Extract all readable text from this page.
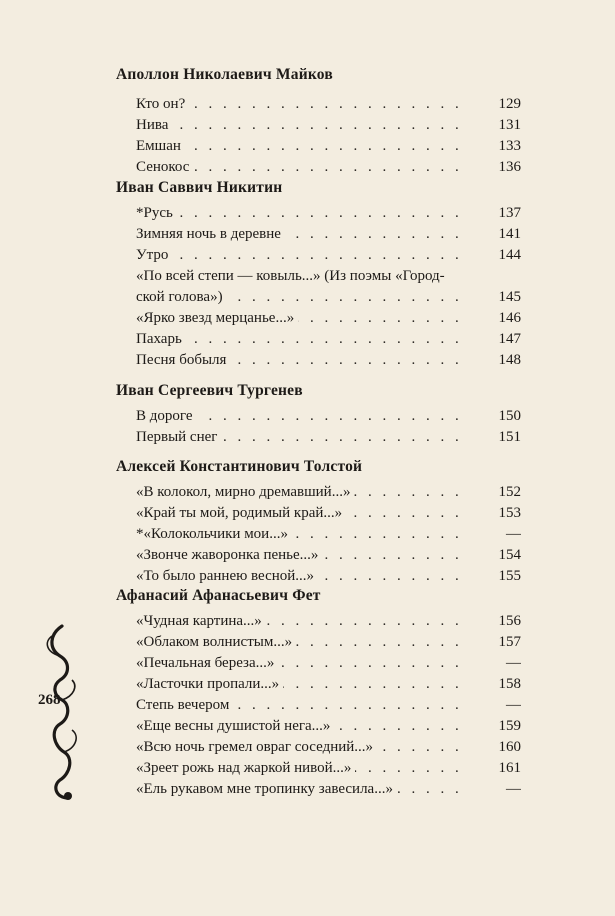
Аполлон Николаевич Майков
Кто он? . . .	129
Нива . . .	131
Емшан . . .	133
Сенокос . . .	136
Иван Саввич Никитин
*Русь . . .	137
Зимняя ночь в деревне . . .	141
Утро . . .	144
«По всей степи — ковыль...» (Из поэмы «Город-
ской голова») . . .	145
«Ярко звезд мерцанье...» . . .	146
Пахарь . . .	147
Песня бобыля . . .	148
Иван Сергеевич Тургенев
В дороге . . .	150
Первый снег . . .	151
Алексей Константинович Толстой
«В колокол, мирно дремавший...» . . .	152
«Край ты мой, родимый край...» . . .	153
*«Колокольчики мои...» . . .	—
«Звонче жаворонка пенье...» . . .	154
«То было раннею весной...» . . .	155
Афанасий Афанасьевич Фет
«Чудная картина...» . . .	156
«Облаком волнистым...» . . .	157
«Печальная береза...» . . .	—
«Ласточки пропали...» . . .	158
Степь вечером . . .	—
«Еще весны душистой нега...» . . .	159
«Всю ночь гремел овраг соседний...» . . .	160
«Зреет рожь над жаркой нивой...» . . .	161
«Ель рукавом мне тропинку завесила...» . . .	—
268
